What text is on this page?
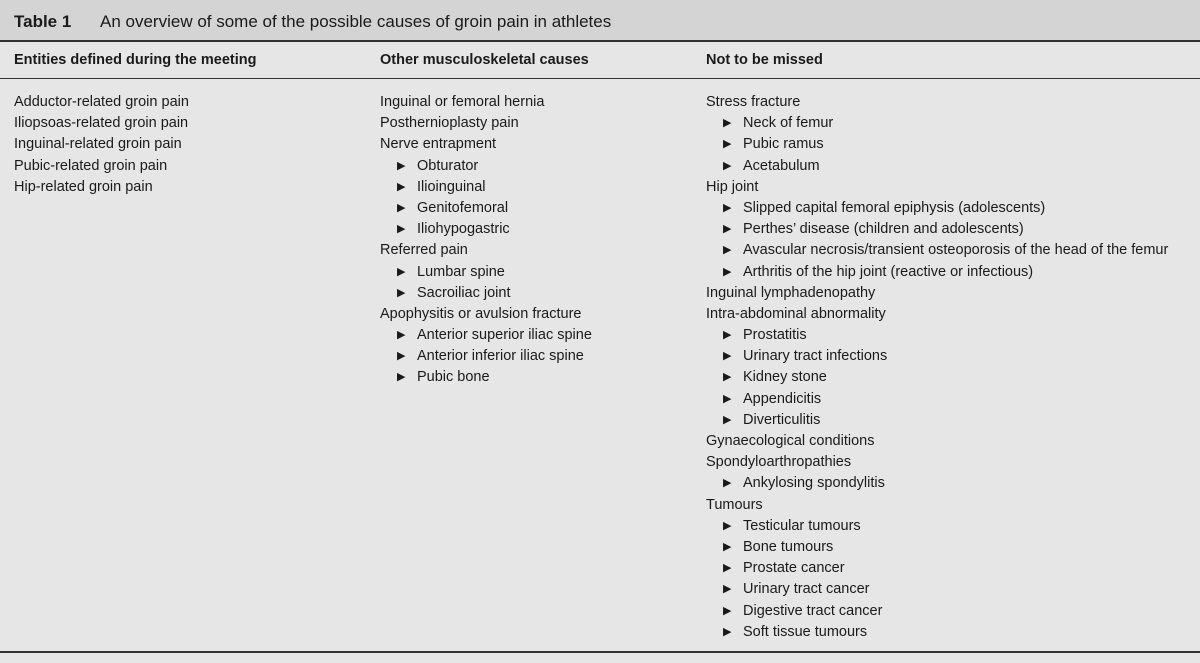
Table 1 An overview of some of the possible causes of groin pain in athletes
Entities defined during the meeting	Other musculoskeletal causes	Not to be missed
Adductor-related groin pain
Iliopsoas-related groin pain
Inguinal-related groin pain
Pubic-related groin pain
Hip-related groin pain
Inguinal or femoral hernia
Posthernioplasty pain
Nerve entrapment
▶ Obturator
▶ Ilioinguinal
▶ Genitofemoral
▶ Iliohypogastric
Referred pain
▶ Lumbar spine
▶ Sacroiliac joint
Apophysitis or avulsion fracture
▶ Anterior superior iliac spine
▶ Anterior inferior iliac spine
▶ Pubic bone
Stress fracture
▶ Neck of femur
▶ Pubic ramus
▶ Acetabulum
Hip joint
▶ Slipped capital femoral epiphysis (adolescents)
▶ Perthes’ disease (children and adolescents)
▶ Avascular necrosis/transient osteoporosis of the head of the femur
▶ Arthritis of the hip joint (reactive or infectious)
Inguinal lymphadenopathy
Intra-abdominal abnormality
▶ Prostatitis
▶ Urinary tract infections
▶ Kidney stone
▶ Appendicitis
▶ Diverticulitis
Gynaecological conditions
Spondyloarthropathies
▶ Ankylosing spondylitis
Tumours
▶ Testicular tumours
▶ Bone tumours
▶ Prostate cancer
▶ Urinary tract cancer
▶ Digestive tract cancer
▶ Soft tissue tumours
